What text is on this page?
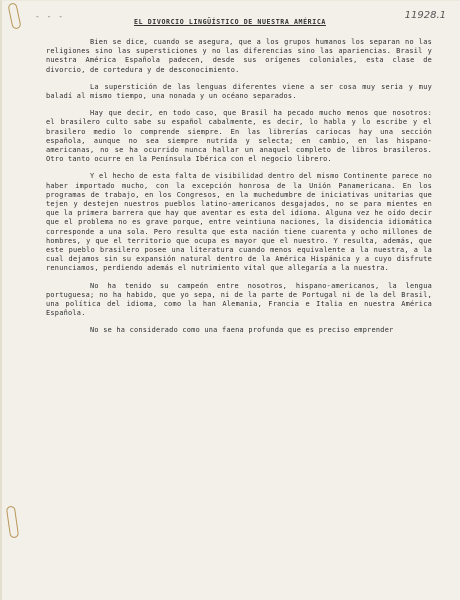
- - -	11928.1
EL DIVORCIO LINGÜÍSTICO DE NUESTRA AMÉRICA

Bien se dice, cuando se asegura, que a los grupos humanos los separan no las religiones sino las supersticiones y no las diferencias sino las apariencias. Brasil y nuestra América Española padecen, desde sus orígenes coloniales, esta clase de divorcio, de cortedura y de desconocimiento.

La superstición de las lenguas diferentes viene a ser cosa muy seria y muy baladí al mismo tiempo, una nonada y un océano separados.

Hay que decir, en todo caso, que Brasil ha pecado mucho menos que nosotros: el brasilero culto sabe su español cabalmente, es decir, lo habla y lo escribe y el brasilero medio lo comprende siempre. En las librerías cariocas hay una sección española, aunque no sea siempre nutrida y selecta; en cambio, en las hispano-americanas, no se ha ocurrido nunca hallar un anaquel completo de libros brasileros. Otro tanto ocurre en la Península Ibérica con el negocio librero.

Y el hecho de esta falta de visibilidad dentro del mismo Continente parece no haber importado mucho, con la excepción honrosa de la Unión Panamericana. En los programas de trabajo, en los Congresos, en la muchedumbre de iniciativas unitarias que tejen y destejen nuestros pueblos latino-americanos desgajados, no se para mientes en que la primera barrera que hay que aventar es esta del idioma. Alguna vez he oído decir que el problema no es grave porque, entre veintiuna naciones, la disidencia idiomática corresponde a una sola. Pero resulta que esta nación tiene cuarenta y ocho millones de hombres, y que el territorio que ocupa es mayor que el nuestro. Y resulta, además, que este pueblo brasilero posee una literatura cuando menos equivalente a la nuestra, a la cual dejamos sin su expansión natural dentro de la América Hispánica y a cuyo disfrute renunciamos, perdiendo además el nutrimiento vital que allegaría a la nuestra.

No ha tenido su campeón entre nosotros, hispano-americanos, la lengua portuguesa; no ha habido, que yo sepa, ni de la parte de Portugal ni de la del Brasil, una política del idioma, como la han Alemania, Francia e Italia en nuestra América Española.

No se ha considerado como una faena profunda que es preciso emprender
